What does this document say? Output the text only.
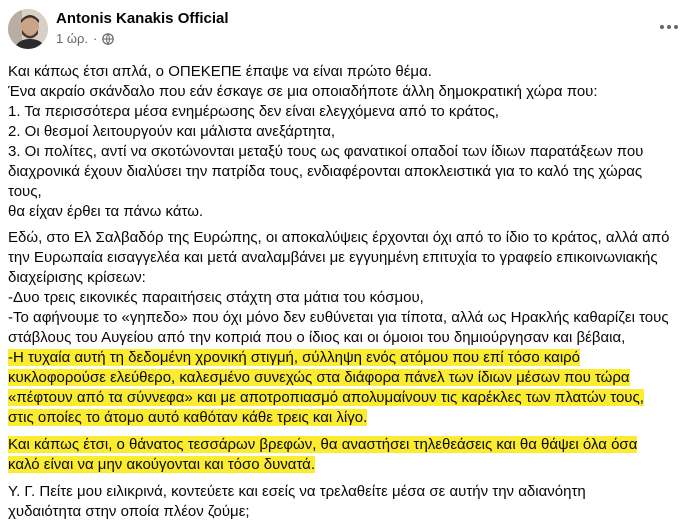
Antonis Kanakis Official
1 ώρ. ·
Και κάπως έτσι απλά, ο ΟΠΕΚΕΠΕ έπαψε να είναι πρώτο θέμα.
Ένα ακραίο σκάνδαλο που εάν έσκαγε σε μια οποιαδήποτε άλλη δημοκρατική χώρα που:
1. Τα περισσότερα μέσα ενημέρωσης δεν είναι ελεγχόμενα από το κράτος,
2. Οι θεσμοί λειτουργούν και μάλιστα ανεξάρτητα,
3. Οι πολίτες, αντί να σκοτώνονται μεταξύ τους ως φανατικοί οπαδοί των ίδιων παρατάξεων που
διαχρονικά έχουν διαλύσει την πατρίδα τους, ενδιαφέρονται αποκλειστικά για το καλό της χώρας
τους,
θα είχαν έρθει τα πάνω κάτω.
Εδώ, στο Ελ Σαλβαδόρ της Ευρώπης, οι αποκαλύψεις έρχονται όχι από το ίδιο το κράτος, αλλά από
την Ευρωπαία εισαγγελέα και μετά αναλαμβάνει με εγγυημένη επιτυχία το γραφείο επικοινωνιακής
διαχείρισης κρίσεων:
-Δυο τρεις εικονικές παραιτήσεις στάχτη στα μάτια του κόσμου,
-Το αφήνουμε το «γηπεδο» που όχι μόνο δεν ευθύνεται για τίποτα, αλλά ως Ηρακλής καθαρίζει τους
στάβλους του Αυγείου από την κοπριά που ο ίδιος και οι όμοιοι του δημιούργησαν και βέβαια,
-Η τυχαία αυτή τη δεδομένη χρονική στιγμή, σύλληψη ενός ατόμου που επί τόσο καιρό
κυκλοφορούσε ελεύθερο, καλεσμένο συνεχώς στα διάφορα πάνελ των ίδιων μέσων που τώρα
«πέφτουν από τα σύννεφα» και με αποτροπιασμό απολυμαίνουν τις καρέκλες των πλατών τους,
στις οποίες το άτομο αυτό καθόταν κάθε τρεις και λίγο.
Και κάπως έτσι, ο θάνατος τεσσάρων βρεφών, θα αναστήσει τηλεθεάσεις και θα θάψει όλα όσα
καλό είναι να μην ακούγονται και τόσο δυνατά.
Υ. Γ. Πείτε μου ειλικρινά, κοντεύετε και εσείς να τρελαθείτε μέσα σε αυτήν την αδιανόητη
χυδαιότητα στην οποία πλέον ζούμε;
